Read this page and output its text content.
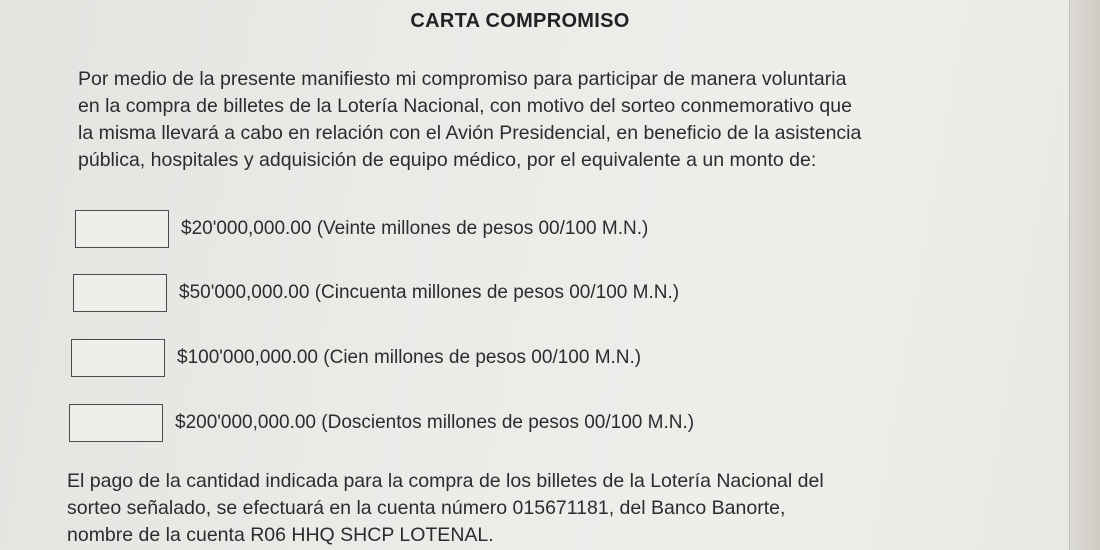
CARTA COMPROMISO
Por medio de la presente manifiesto mi compromiso para participar de manera voluntaria
en la compra de billetes de la Lotería Nacional, con motivo del sorteo conmemorativo que
la misma llevará a cabo en relación con el Avión Presidencial, en beneficio de la asistencia
pública, hospitales y adquisición de equipo médico, por el equivalente a un monto de:
$20'000,000.00 (Veinte millones de pesos 00/100 M.N.)
$50'000,000.00 (Cincuenta millones de pesos 00/100 M.N.)
$100'000,000.00 (Cien millones de pesos 00/100 M.N.)
$200'000,000.00 (Doscientos millones de pesos 00/100 M.N.)
El pago de la cantidad indicada para la compra de los billetes de la Lotería Nacional del
sorteo señalado, se efectuará en la cuenta número 015671181, del Banco Banorte,
nombre de la cuenta R06 HHQ SHCP LOTENAL.
